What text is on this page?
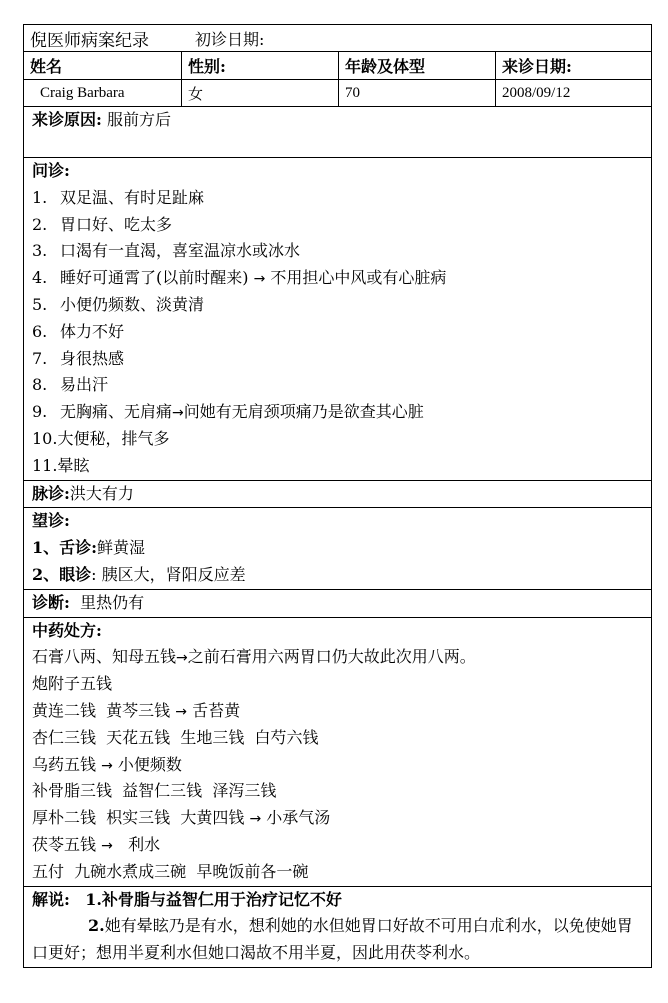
倪医师病案纪录	初诊日期:
姓名	性别:	年龄及体型	来诊日期:
Craig Barbara	女	70	2008/09/12
来诊原因: 服前方后
问诊:
1. 双足温、有时足趾麻
2. 胃口好、吃太多
3. 口渴有一直渴，喜室温凉水或冰水
4. 睡好可通霄了(以前时醒来) → 不用担心中风或有心脏病
5. 小便仍频数、淡黄清
6. 体力不好
7. 身很热感
8. 易出汗
9. 无胸痛、无肩痛→问她有无肩颈项痛乃是欲查其心脏
10.大便秘，排气多
11.晕眩
脉诊:洪大有力
望诊:
1、舌诊:鲜黄湿
2、眼诊: 胰区大，肾阳反应差
诊断: 里热仍有
中药处方:
石膏八两、知母五钱→之前石膏用六两胃口仍大故此次用八两。
炮附子五钱
黄连二钱  黄芩三钱 → 舌苔黄
杏仁三钱  天花五钱  生地三钱  白芍六钱
乌药五钱 → 小便频数
补骨脂三钱  益智仁三钱  泽泻三钱
厚朴二钱  枳实三钱  大黄四钱 → 小承气汤
茯苓五钱 →   利水
五付  九碗水煮成三碗  早晚饭前各一碗
解说: 1.补骨脂与益智仁用于治疗记忆不好
2.她有晕眩乃是有水，想利她的水但她胃口好故不可用白朮利水，以免使她胃口更好；想用半夏利水但她口渴故不用半夏，因此用茯苓利水。
